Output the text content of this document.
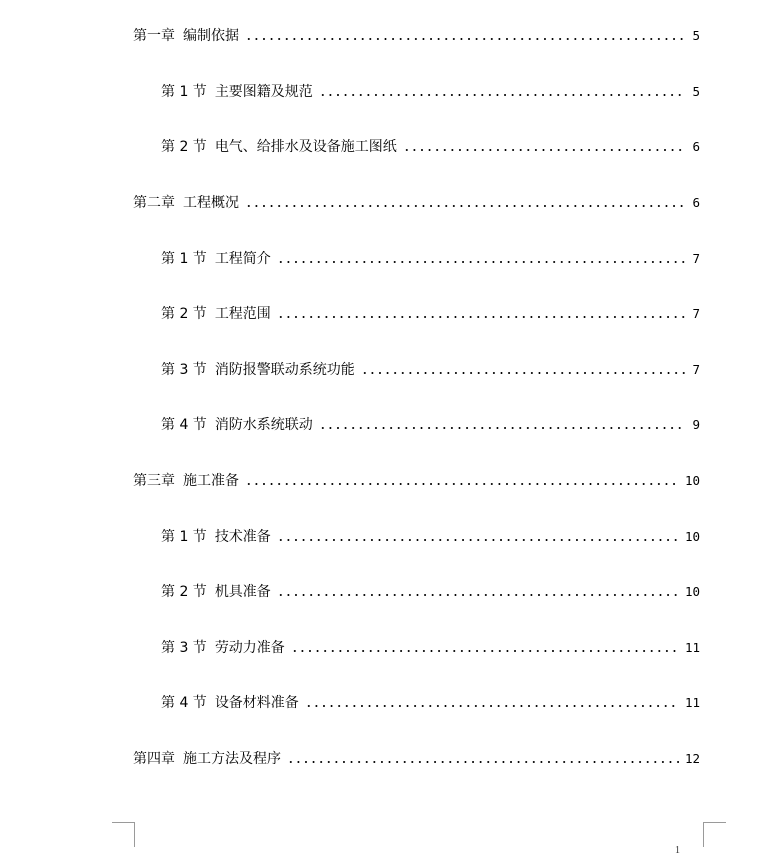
第一章 编制依据	5
第 1 节 主要图籍及规范	5
第 2 节 电气、给排水及设备施工图纸	6
第二章 工程概况	6
第 1 节 工程简介	7
第 2 节 工程范围	7
第 3 节 消防报警联动系统功能	7
第 4 节 消防水系统联动	9
第三章 施工准备	10
第 1 节 技术准备	10
第 2 节 机具准备	10
第 3 节 劳动力准备	11
第 4 节 设备材料准备	11
第四章 施工方法及程序	12
1
